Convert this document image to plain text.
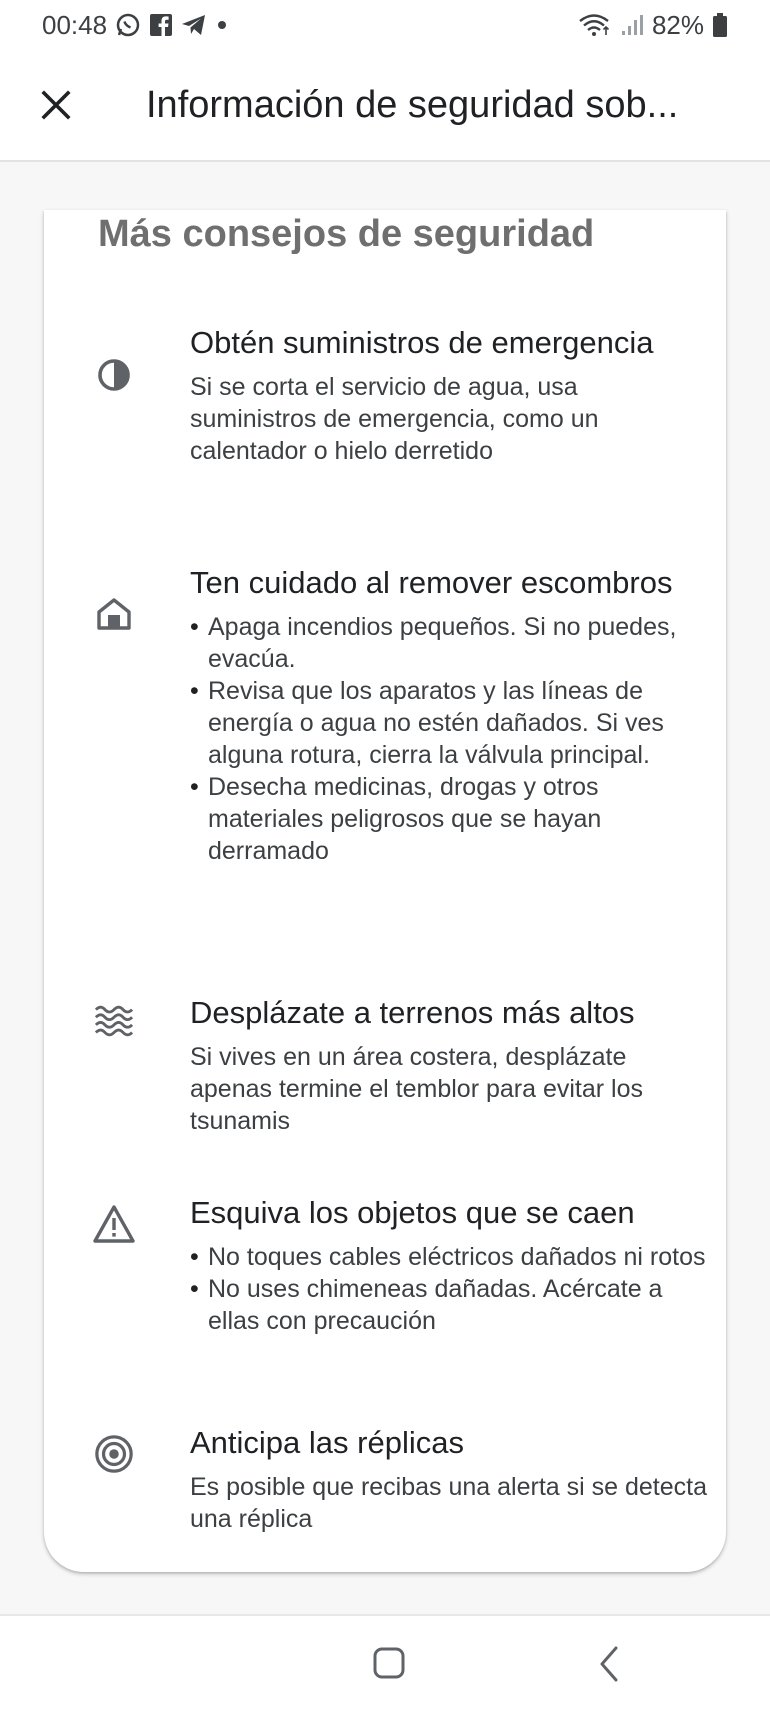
00:48	82%
Información de seguridad sob...
Más consejos de seguridad
Obtén suministros de emergencia
Si se corta el servicio de agua, usa suministros de emergencia, como un calentador o hielo derretido
Ten cuidado al remover escombros
• Apaga incendios pequeños. Si no puedes, evacúa.
• Revisa que los aparatos y las líneas de energía o agua no estén dañados. Si ves alguna rotura, cierra la válvula principal.
• Desecha medicinas, drogas y otros materiales peligrosos que se hayan derramado
Desplázate a terrenos más altos
Si vives en un área costera, desplázate apenas termine el temblor para evitar los tsunamis
Esquiva los objetos que se caen
• No toques cables eléctricos dañados ni rotos
• No uses chimeneas dañadas. Acércate a ellas con precaución
Anticipa las réplicas
Es posible que recibas una alerta si se detecta una réplica
